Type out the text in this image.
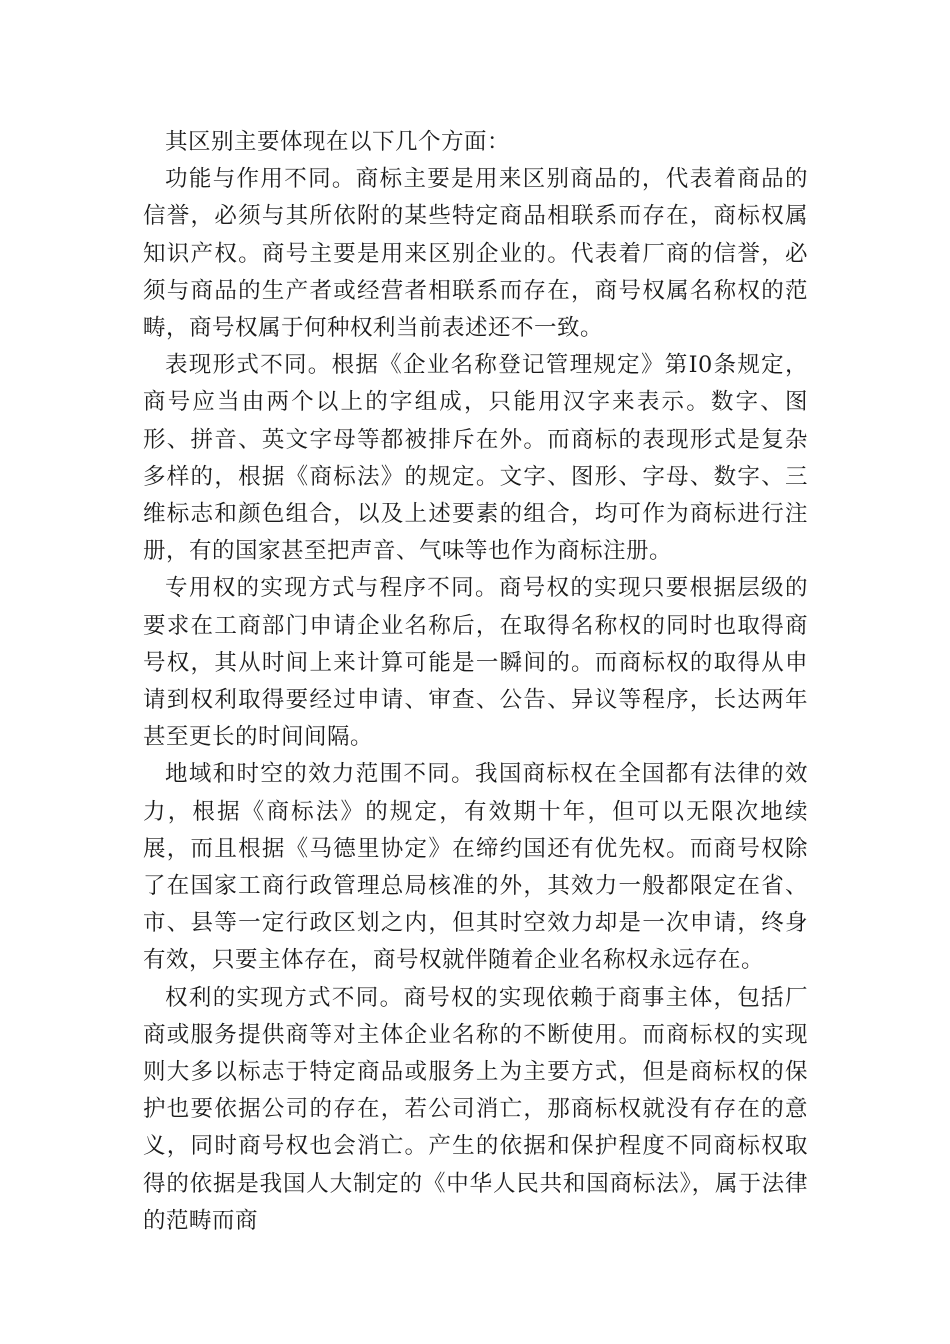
其区别主要体现在以下几个方面：

功能与作用不同。商标主要是用来区别商品的，代表着商品的信誉，必须与其所依附的某些特定商品相联系而存在，商标权属知识产权。商号主要是用来区别企业的。代表着厂商的信誉，必须与商品的生产者或经营者相联系而存在，商号权属名称权的范畴，商号权属于何种权利当前表述还不一致。

表现形式不同。根据《企业名称登记管理规定》第I0条规定，商号应当由两个以上的字组成，只能用汉字来表示。数字、图形、拼音、英文字母等都被排斥在外。而商标的表现形式是复杂多样的，根据《商标法》的规定。文字、图形、字母、数字、三维标志和颜色组合，以及上述要素的组合，均可作为商标进行注册，有的国家甚至把声音、气味等也作为商标注册。

专用权的实现方式与程序不同。商号权的实现只要根据层级的要求在工商部门申请企业名称后，在取得名称权的同时也取得商号权，其从时间上来计算可能是一瞬间的。而商标权的取得从申请到权利取得要经过申请、审查、公告、异议等程序，长达两年甚至更长的时间间隔。

地域和时空的效力范围不同。我国商标权在全国都有法律的效力，根据《商标法》的规定，有效期十年，但可以无限次地续展，而且根据《马德里协定》在缔约国还有优先权。而商号权除了在国家工商行政管理总局核准的外，其效力一般都限定在省、市、县等一定行政区划之内，但其时空效力却是一次申请，终身有效，只要主体存在，商号权就伴随着企业名称权永远存在。

权利的实现方式不同。商号权的实现依赖于商事主体，包括厂商或服务提供商等对主体企业名称的不断使用。而商标权的实现则大多以标志于特定商品或服务上为主要方式，但是商标权的保护也要依据公司的存在，若公司消亡，那商标权就没有存在的意义，同时商号权也会消亡。产生的依据和保护程度不同商标权取得的依据是我国人大制定的《中华人民共和国商标法》，属于法律的范畴而商
